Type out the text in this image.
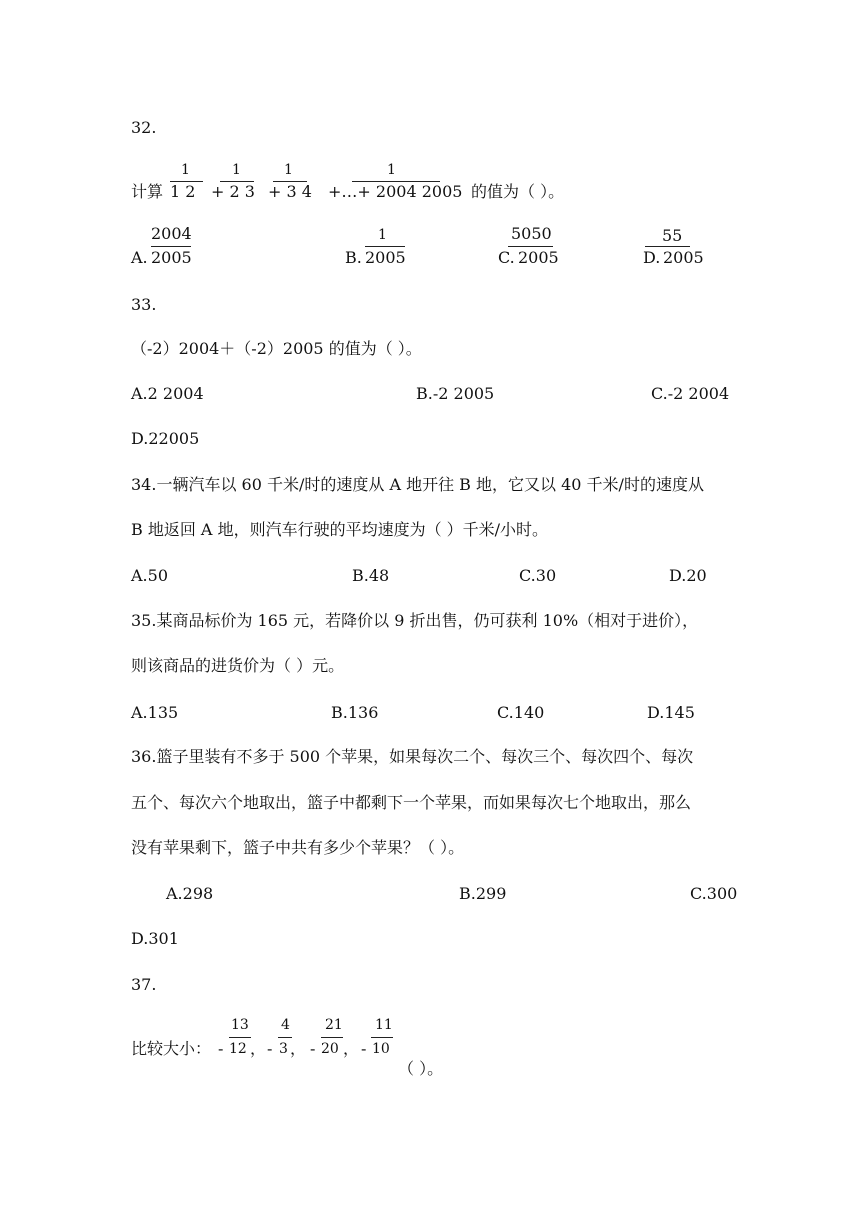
32.
1	1	1	1
计算 1 2 + 2 3 + 3 4 +…+ 2004 2005 的值为（ ）。
2004
A. 2005
1
B. 2005
5050
C. 2005
55
D. 2005
33.
（-2）2004＋（-2）2005 的值为（ ）。
A.2 2004	B.-2 2005	C.-2 2004
D.22005
34.一辆汽车以 60 千米/时的速度从 A 地开往 B 地，它又以 40 千米/时的速度从
B 地返回 A 地，则汽车行驶的平均速度为（ ）千米/小时。
A.50	B.48	C.30	D.20
35.某商品标价为 165 元，若降价以 9 折出售，仍可获利 10%（相对于进价），
则该商品的进货价为（ ）元。
A.135	B.136	C.140	D.145
36.篮子里装有不多于 500 个苹果，如果每次二个、每次三个、每次四个、每次
五个、每次六个地取出，篮子中都剩下一个苹果，而如果每次七个地取出，那么
没有苹果剩下，篮子中共有多少个苹果？（ ）。
A.298	B.299	C.300
D.301
37.
13 4	21 11
比较大小： - 12 ， - 3 ， - 20 ， - 10
（ ）。
